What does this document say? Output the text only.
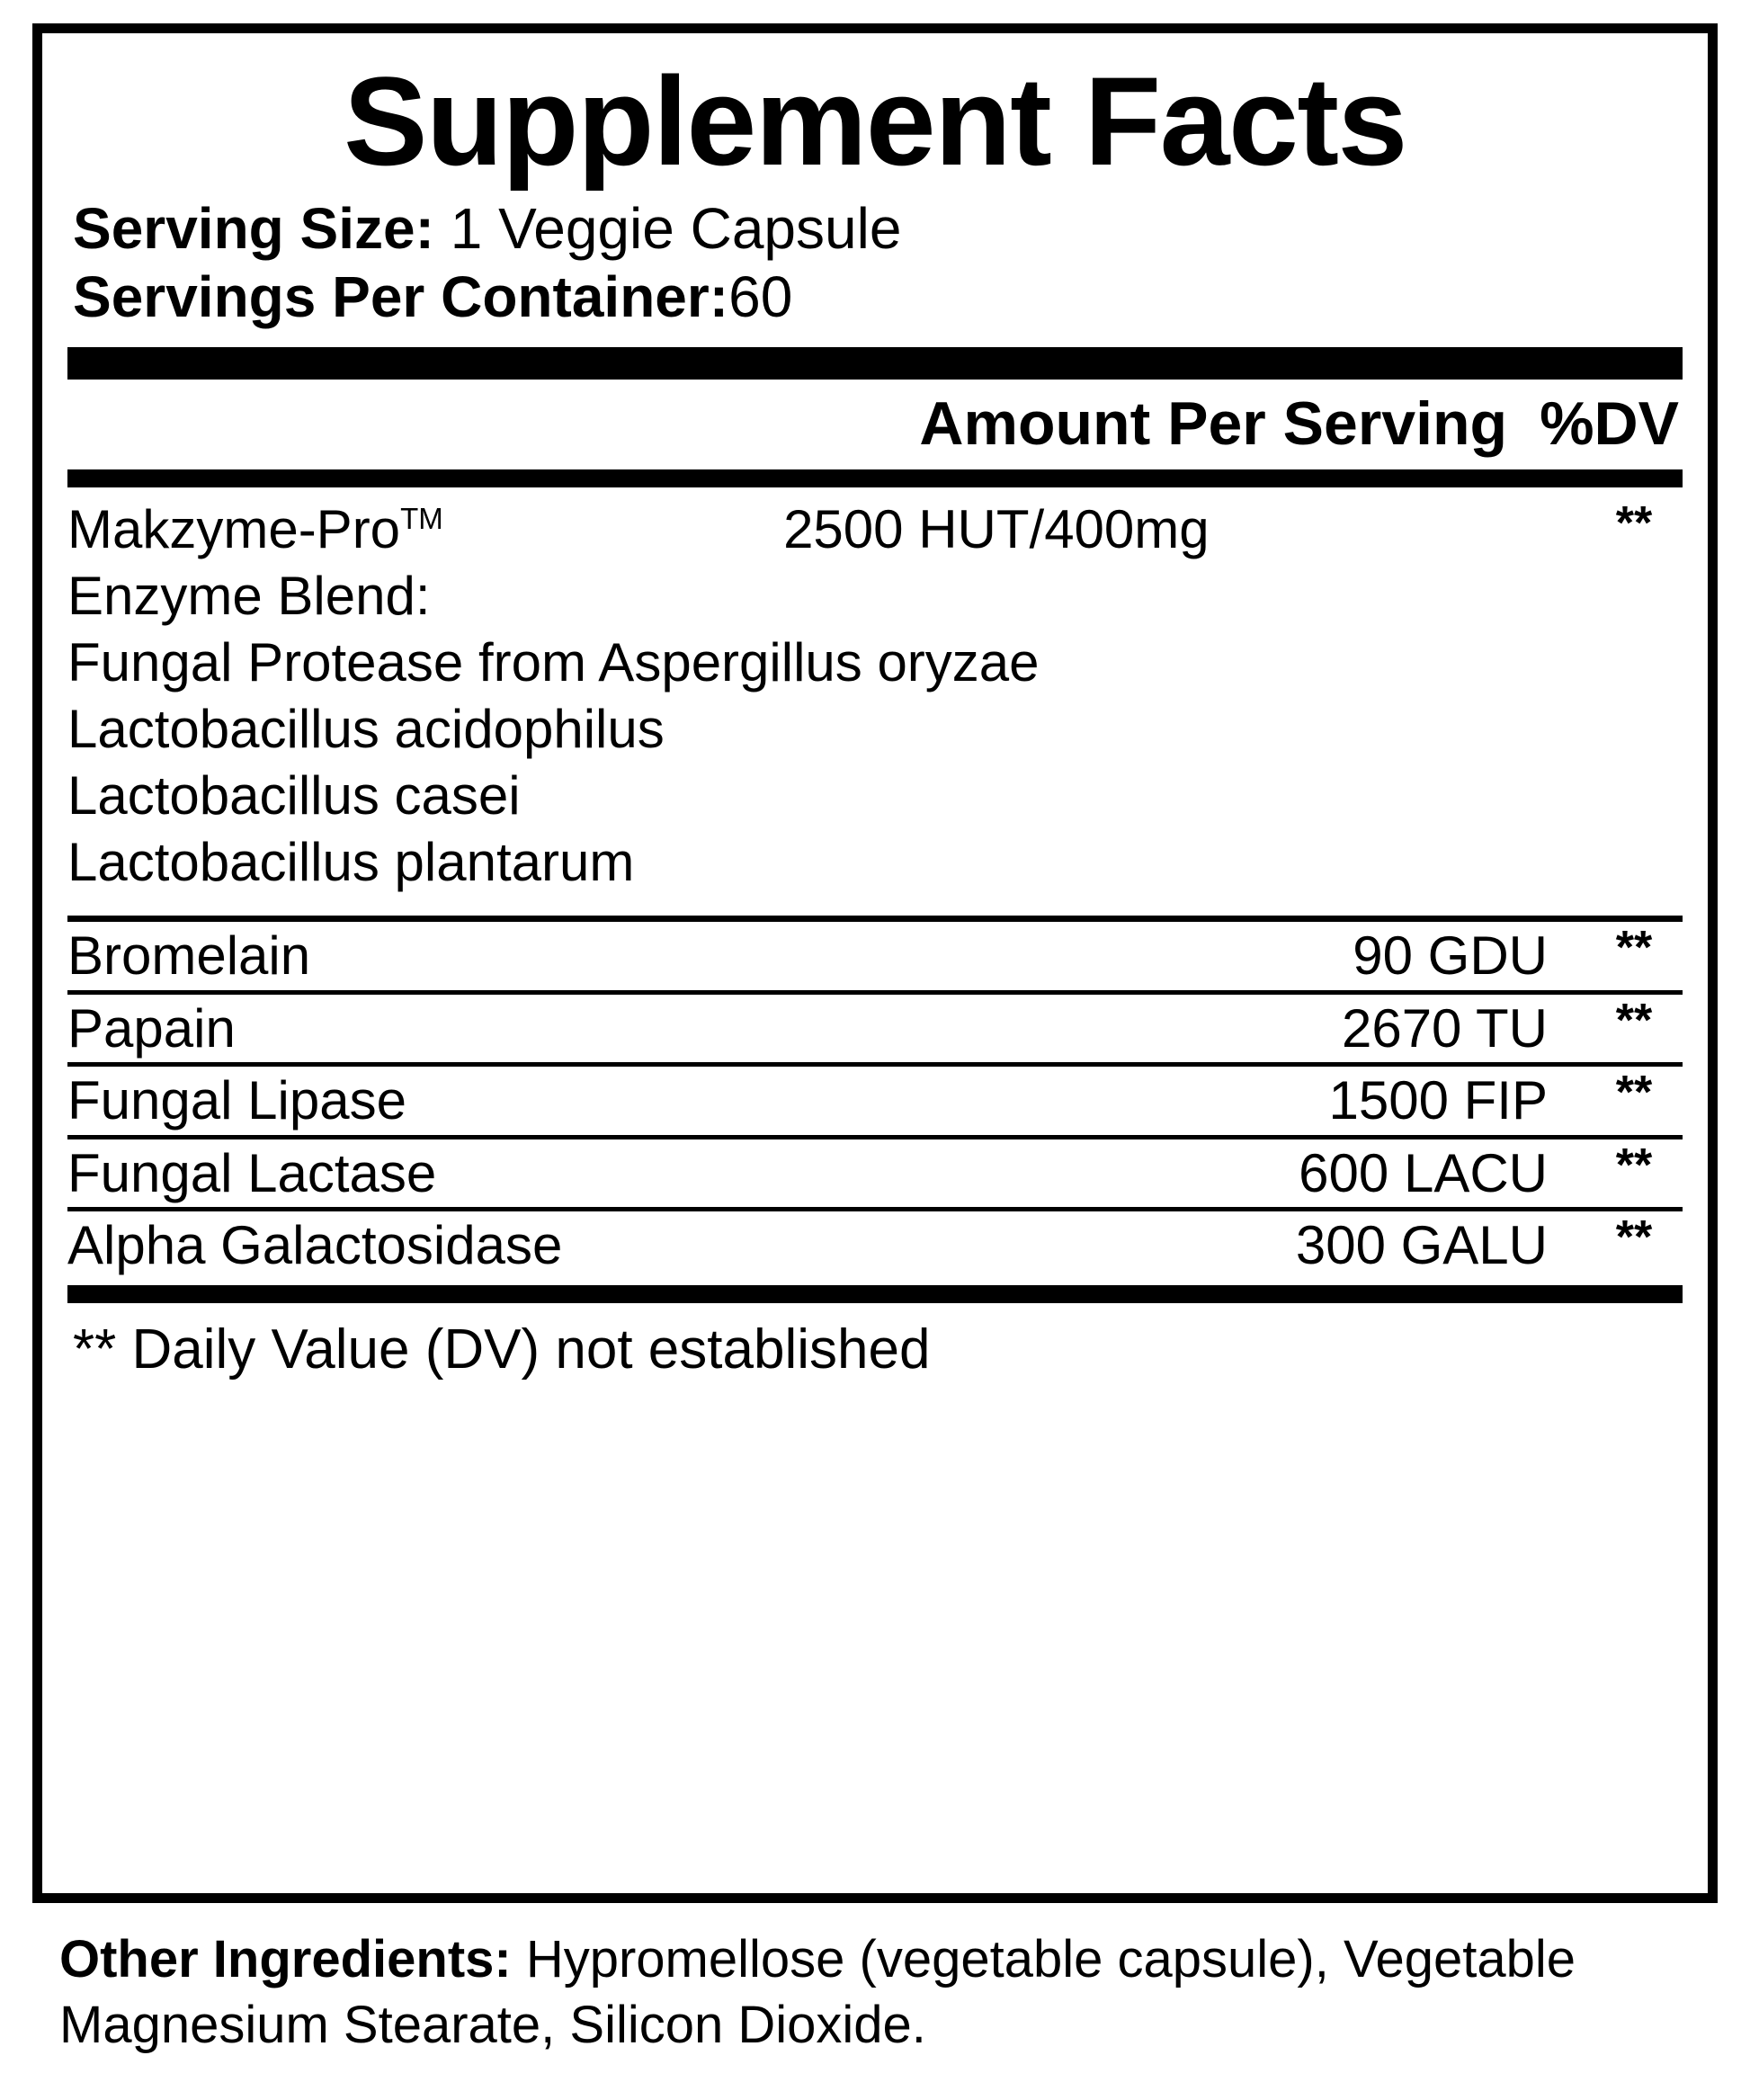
Supplement Facts
Serving Size: 1 Veggie Capsule
Servings Per Container:60
Amount Per Serving %DV
Makzyme-Pro™	2500 HUT/400mg	**
Enzyme Blend:
Fungal Protease from Aspergillus oryzae
Lactobacillus acidophilus
Lactobacillus casei
Lactobacillus plantarum
Bromelain	90 GDU	**
Papain	2670 TU	**
Fungal Lipase	1500 FIP	**
Fungal Lactase	600 LACU	**
Alpha Galactosidase	300 GALU	**
** Daily Value (DV) not established
Other Ingredients: Hypromellose (vegetable capsule), Vegetable Magnesium Stearate, Silicon Dioxide.
